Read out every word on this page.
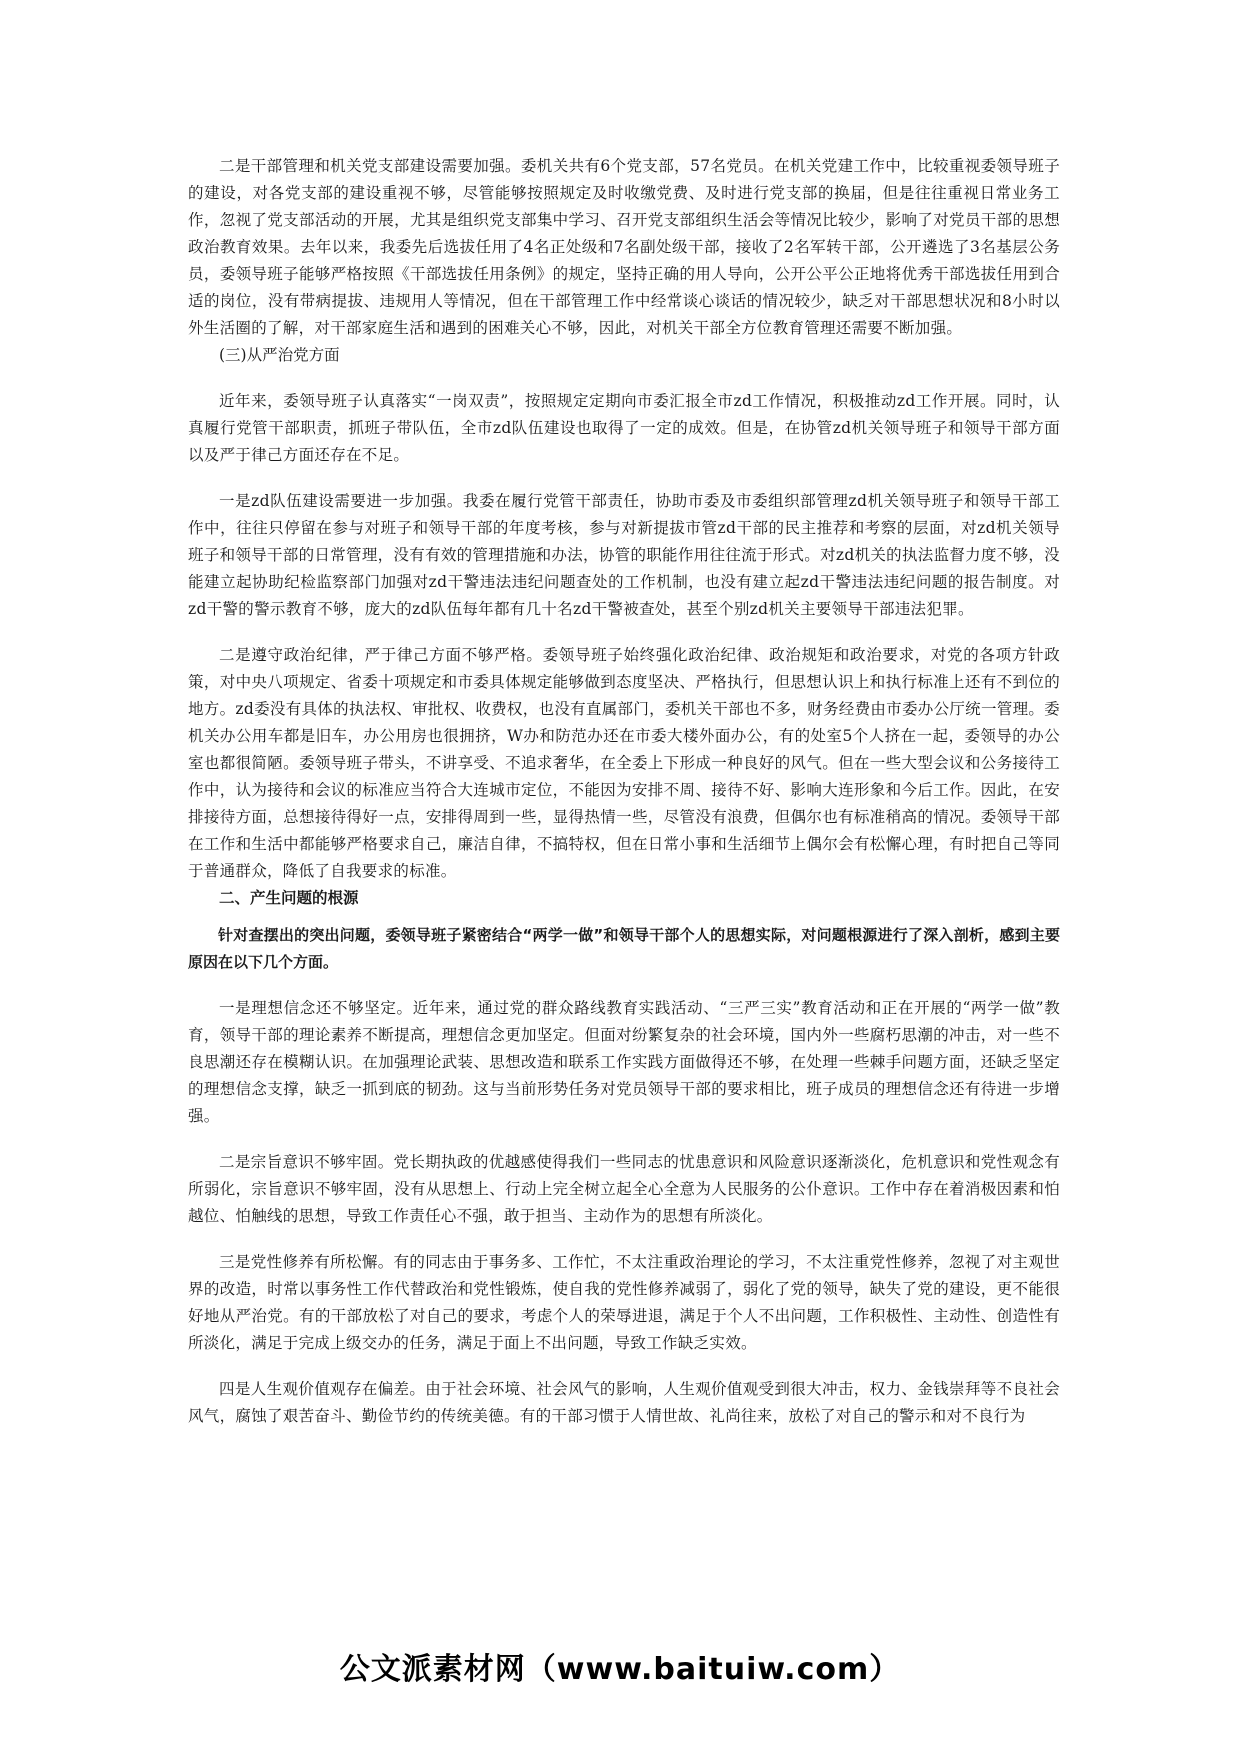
二是干部管理和机关党支部建设需要加强。委机关共有6个党支部，57名党员。在机关党建工作中，比较重视委领导班子的建设，对各党支部的建设重视不够，尽管能够按照规定及时收缴党费、及时进行党支部的换届，但是往往重视日常业务工作，忽视了党支部活动的开展，尤其是组织党支部集中学习、召开党支部组织生活会等情况比较少，影响了对党员干部的思想政治教育效果。去年以来，我委先后选拔任用了4名正处级和7名副处级干部，接收了2名军转干部，公开遴选了3名基层公务员，委领导班子能够严格按照《干部选拔任用条例》的规定，坚持正确的用人导向，公开公平公正地将优秀干部选拔任用到合适的岗位，没有带病提拔、违规用人等情况，但在干部管理工作中经常谈心谈话的情况较少，缺乏对干部思想状况和8小时以外生活圈的了解，对干部家庭生活和遇到的困难关心不够，因此，对机关干部全方位教育管理还需要不断加强。

(三)从严治党方面

近年来，委领导班子认真落实“一岗双责”，按照规定定期向市委汇报全市zd工作情况，积极推动zd工作开展。同时，认真履行党管干部职责，抓班子带队伍，全市zd队伍建设也取得了一定的成效。但是，在协管zd机关领导班子和领导干部方面以及严于律己方面还存在不足。

一是zd队伍建设需要进一步加强。我委在履行党管干部责任，协助市委及市委组织部管理zd机关领导班子和领导干部工作中，往往只停留在参与对班子和领导干部的年度考核，参与对新提拔市管zd干部的民主推荐和考察的层面，对zd机关领导班子和领导干部的日常管理，没有有效的管理措施和办法，协管的职能作用往往流于形式。对zd机关的执法监督力度不够，没能建立起协助纪检监察部门加强对zd干警违法违纪问题查处的工作机制，也没有建立起zd干警违法违纪问题的报告制度。对zd干警的警示教育不够，庞大的zd队伍每年都有几十名zd干警被查处，甚至个别zd机关主要领导干部违法犯罪。

二是遵守政治纪律，严于律己方面不够严格。委领导班子始终强化政治纪律、政治规矩和政治要求，对党的各项方针政策，对中央八项规定、省委十项规定和市委具体规定能够做到态度坚决、严格执行，但思想认识上和执行标准上还有不到位的地方。zd委没有具体的执法权、审批权、收费权，也没有直属部门，委机关干部也不多，财务经费由市委办公厅统一管理。委机关办公用车都是旧车，办公用房也很拥挤，W办和防范办还在市委大楼外面办公，有的处室5个人挤在一起，委领导的办公室也都很简陋。委领导班子带头，不讲享受、不追求奢华，在全委上下形成一种良好的风气。但在一些大型会议和公务接待工作中，认为接待和会议的标准应当符合大连城市定位，不能因为安排不周、接待不好、影响大连形象和今后工作。因此，在安排接待方面，总想接待得好一点，安排得周到一些，显得热情一些，尽管没有浪费，但偶尔也有标准稍高的情况。委领导干部在工作和生活中都能够严格要求自己，廉洁自律，不搞特权，但在日常小事和生活细节上偶尔会有松懈心理，有时把自己等同于普通群众，降低了自我要求的标准。

二、产生问题的根源

针对查摆出的突出问题，委领导班子紧密结合“两学一做”和领导干部个人的思想实际，对问题根源进行了深入剖析，感到主要原因在以下几个方面。

一是理想信念还不够坚定。近年来，通过党的群众路线教育实践活动、“三严三实”教育活动和正在开展的“两学一做”教育，领导干部的理论素养不断提高，理想信念更加坚定。但面对纷繁复杂的社会环境，国内外一些腐朽思潮的冲击，对一些不良思潮还存在模糊认识。在加强理论武装、思想改造和联系工作实践方面做得还不够，在处理一些棘手问题方面，还缺乏坚定的理想信念支撑，缺乏一抓到底的韧劲。这与当前形势任务对党员领导干部的要求相比，班子成员的理想信念还有待进一步增强。

二是宗旨意识不够牢固。党长期执政的优越感使得我们一些同志的忧患意识和风险意识逐渐淡化，危机意识和党性观念有所弱化，宗旨意识不够牢固，没有从思想上、行动上完全树立起全心全意为人民服务的公仆意识。工作中存在着消极因素和怕越位、怕触线的思想，导致工作责任心不强，敢于担当、主动作为的思想有所淡化。

三是党性修养有所松懈。有的同志由于事务多、工作忙，不太注重政治理论的学习，不太注重党性修养，忽视了对主观世界的改造，时常以事务性工作代替政治和党性锻炼，使自我的党性修养减弱了，弱化了党的领导，缺失了党的建设，更不能很好地从严治党。有的干部放松了对自己的要求，考虑个人的荣辱进退，满足于个人不出问题，工作积极性、主动性、创造性有所淡化，满足于完成上级交办的任务，满足于面上不出问题，导致工作缺乏实效。

四是人生观价值观存在偏差。由于社会环境、社会风气的影响，人生观价值观受到很大冲击，权力、金钱崇拜等不良社会风气，腐蚀了艰苦奋斗、勤俭节约的传统美德。有的干部习惯于人情世故、礼尚往来，放松了对自己的警示和对不良行为

公文派素材网（www.baituiw.com）
